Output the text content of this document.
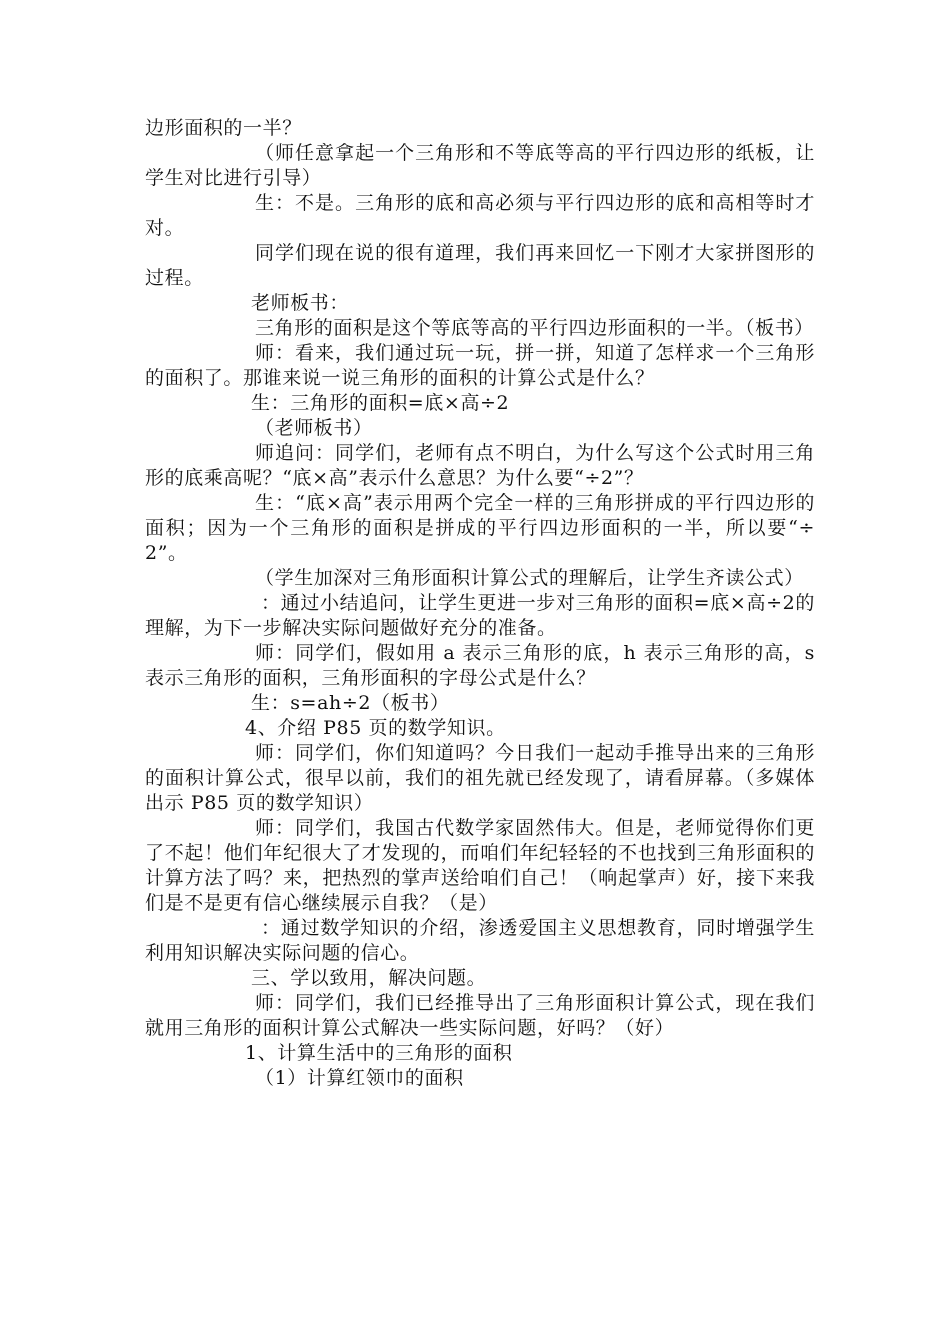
边形面积的一半？

（师任意拿起一个三角形和不等底等高的平行四边形的纸板，让学生对比进行引导）

生：不是。三角形的底和高必须与平行四边形的底和高相等时才对。

同学们现在说的很有道理，我们再来回忆一下刚才大家拼图形的过程。

老师板书：

三角形的面积是这个等底等高的平行四边形面积的一半。（板书）

师：看来，我们通过玩一玩，拼一拼，知道了怎样求一个三角形的面积了。那谁来说一说三角形的面积的计算公式是什么？

生：三角形的面积=底×高÷2

（老师板书）

师追问：同学们，老师有点不明白，为什么写这个公式时用三角形的底乘高呢？“底×高”表示什么意思？为什么要“÷2”？

生：“底×高”表示用两个完全一样的三角形拼成的平行四边形的面积；因为一个三角形的面积是拼成的平行四边形面积的一半，所以要“÷2”。

（学生加深对三角形面积计算公式的理解后，让学生齐读公式）

：通过小结追问，让学生更进一步对三角形的面积=底×高÷2的理解，为下一步解决实际问题做好充分的准备。

师：同学们，假如用 a 表示三角形的底，h 表示三角形的高，s 表示三角形的面积，三角形面积的字母公式是什么？

生：s=ah÷2（板书）

4、介绍 P85 页的数学知识。

师：同学们，你们知道吗？今日我们一起动手推导出来的三角形的面积计算公式，很早以前，我们的祖先就已经发现了，请看屏幕。（多媒体出示 P85 页的数学知识）

师：同学们，我国古代数学家固然伟大。但是，老师觉得你们更了不起！他们年纪很大了才发现的，而咱们年纪轻轻的不也找到三角形面积的计算方法了吗？来，把热烈的掌声送给咱们自己！（响起掌声）好，接下来我们是不是更有信心继续展示自我？（是）

：通过数学知识的介绍，渗透爱国主义思想教育，同时增强学生利用知识解决实际问题的信心。

三、学以致用，解决问题。

师：同学们，我们已经推导出了三角形面积计算公式，现在我们就用三角形的面积计算公式解决一些实际问题，好吗？（好）

1、计算生活中的三角形的面积

（1）计算红领巾的面积
